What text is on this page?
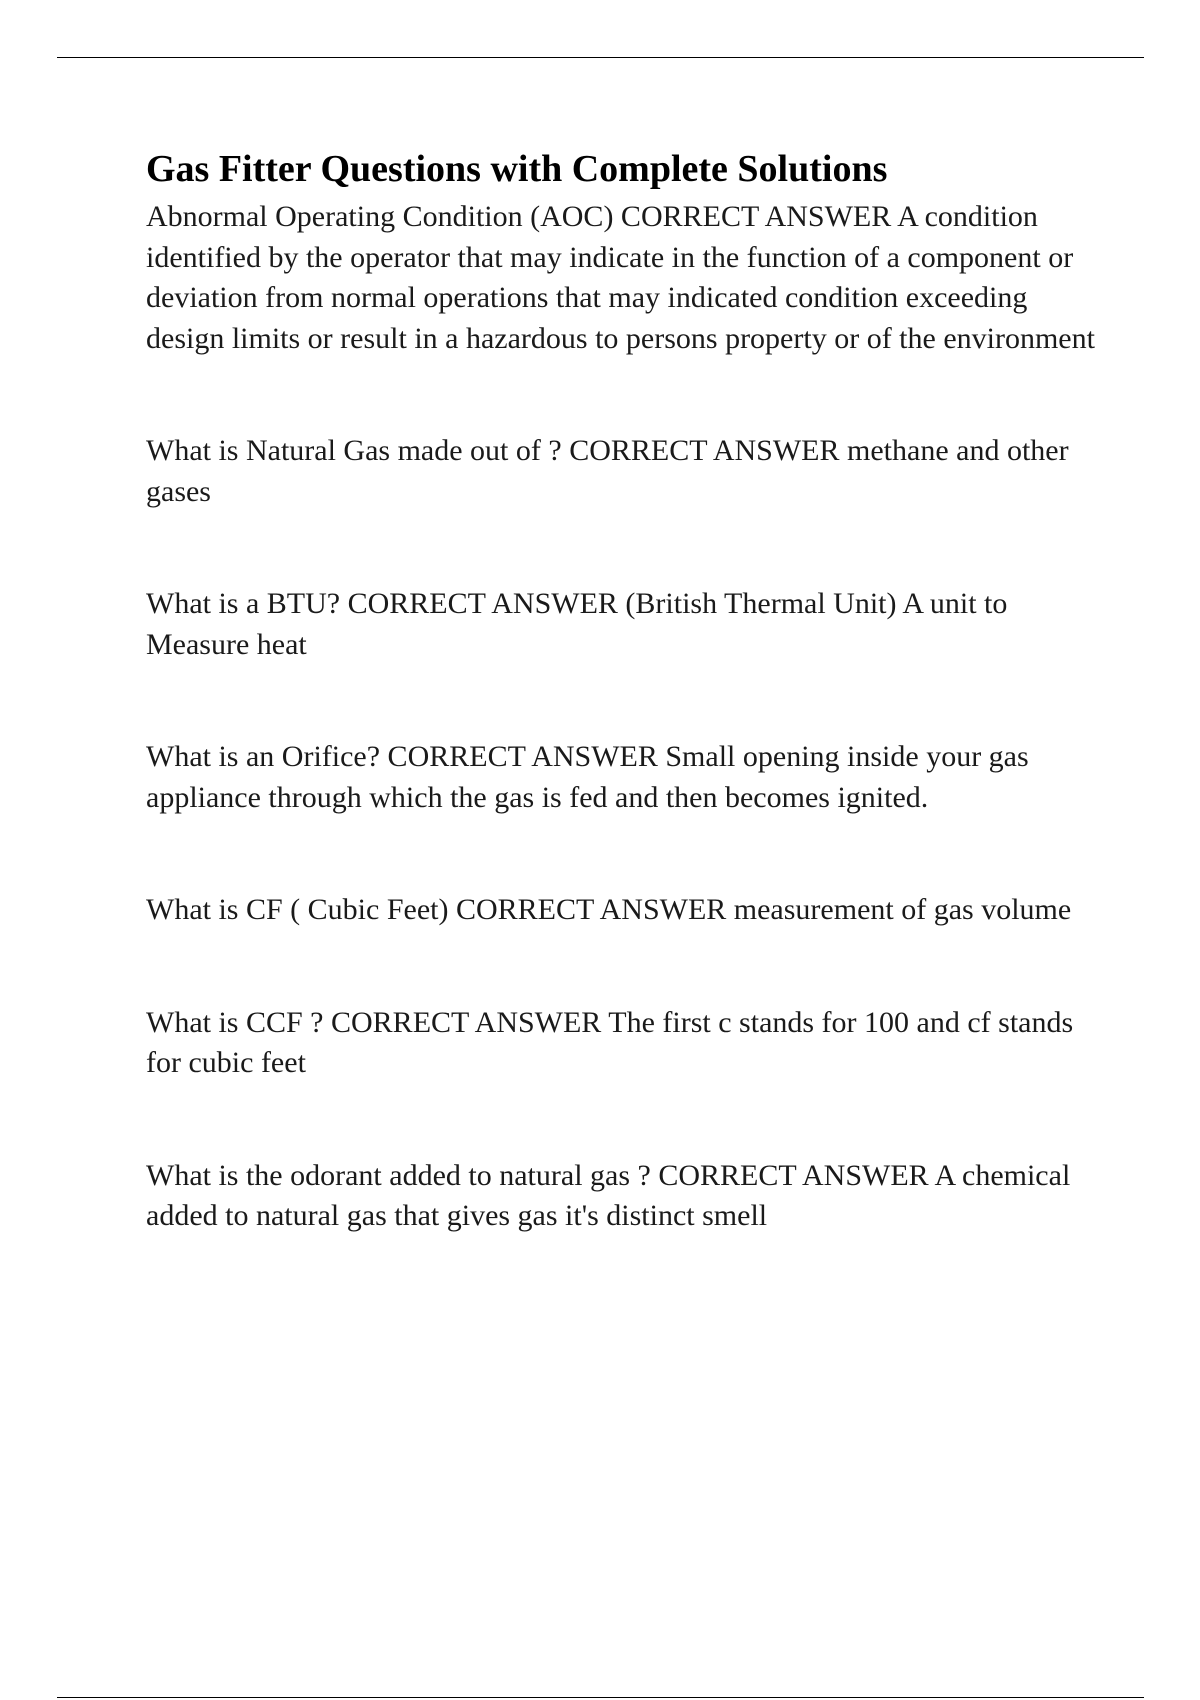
Gas Fitter Questions with Complete Solutions
Abnormal Operating Condition (AOC) CORRECT ANSWER A condition identified by the operator that may indicate in the function of a component or deviation from normal operations that may indicated condition exceeding design limits or result in a hazardous to persons property or of the environment
What is Natural Gas made out of ? CORRECT ANSWER methane and other gases
What is a BTU? CORRECT ANSWER (British Thermal Unit) A unit to Measure heat
What is an Orifice? CORRECT ANSWER Small opening inside your gas appliance through which the gas is fed and then becomes ignited.
What is CF ( Cubic Feet) CORRECT ANSWER measurement of gas volume
What is CCF ? CORRECT ANSWER The first c stands for 100 and cf stands for cubic feet
What is the odorant added to natural gas ? CORRECT ANSWER A chemical added to natural gas that gives gas it's distinct smell
